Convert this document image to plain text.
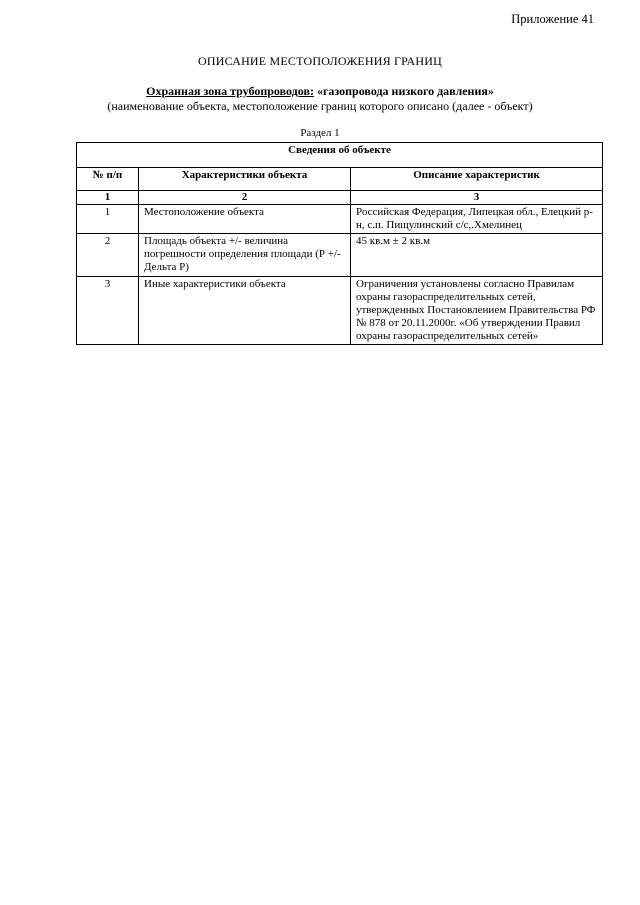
Приложение 41
ОПИСАНИЕ МЕСТОПОЛОЖЕНИЯ ГРАНИЦ
Охранная зона трубопроводов: «газопровода низкого давления»
(наименование объекта, местоположение границ которого описано (далее - объект)
Раздел 1
Сведения об объекте		
№ п/п	Характеристики объекта	Описание характеристик
1	2	3
1	Местоположение объекта	Российская Федерация, Липецкая обл., Елецкий р-н, с.п. Пищулинский с/с,.Хмелинец
2	Площадь объекта +/- величина погрешности определения площади (Р +/- Дельта Р)	45 кв.м ± 2 кв.м
3	Иные характеристики объекта	Ограничения установлены согласно Правилам охраны газораспределительных сетей, утвержденных Постановлением Правительства РФ № 878 от 20.11.2000г. «Об утверждении Правил охраны газораспределительных сетей»
